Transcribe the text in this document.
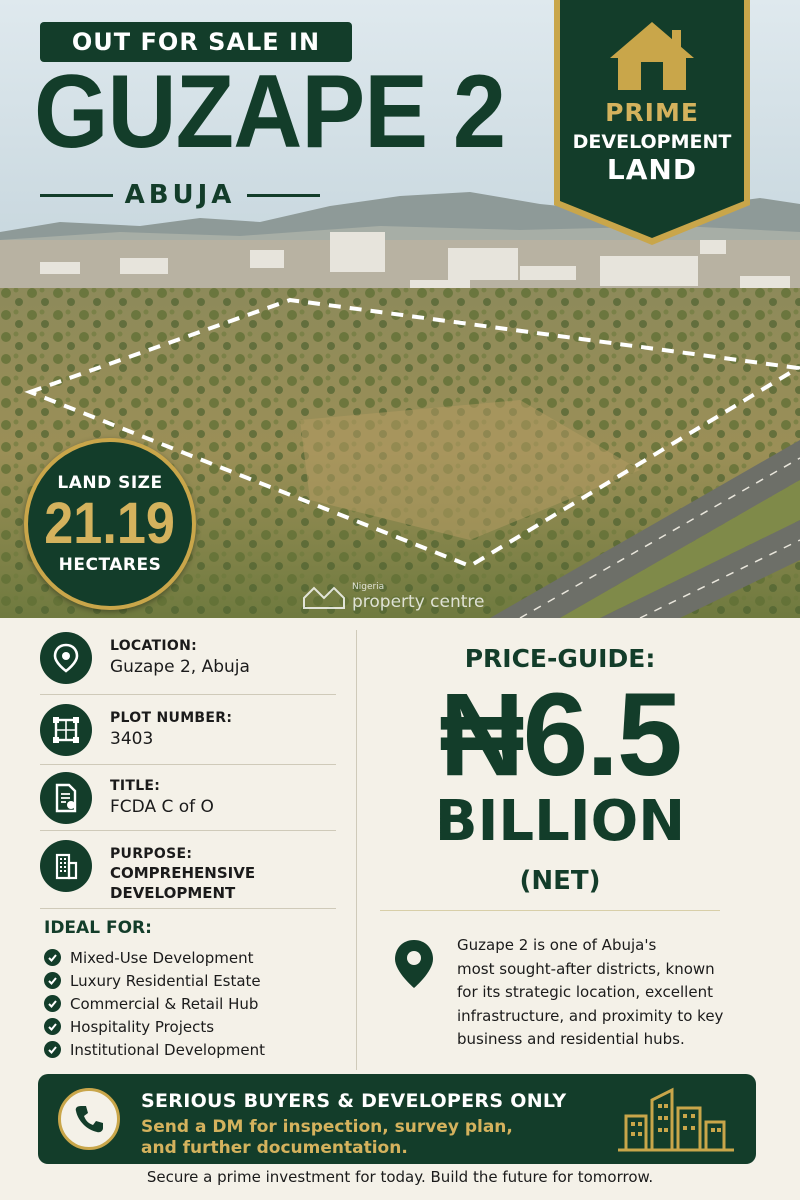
OUT FOR SALE IN
GUZAPE 2
ABUJA
PRIME
DEVELOPMENT
LAND
LAND SIZE
21.19
HECTARES
Nigeria
property centre
LOCATION:
Guzape 2, Abuja
PLOT NUMBER:
3403
TITLE:
FCDA C of O
PURPOSE:
COMPREHENSIVE
DEVELOPMENT
IDEAL FOR:
Mixed-Use Development
Luxury Residential Estate
Commercial & Retail Hub
Hospitality Projects
Institutional Development
PRICE-GUIDE:
₦6.5
BILLION
(NET)
Guzape 2 is one of Abuja's
most sought-after districts, known
for its strategic location, excellent
infrastructure, and proximity to key
business and residential hubs.
SERIOUS BUYERS & DEVELOPERS ONLY
Send a DM for inspection, survey plan,
and further documentation.
Secure a prime investment for today. Build the future for tomorrow.
